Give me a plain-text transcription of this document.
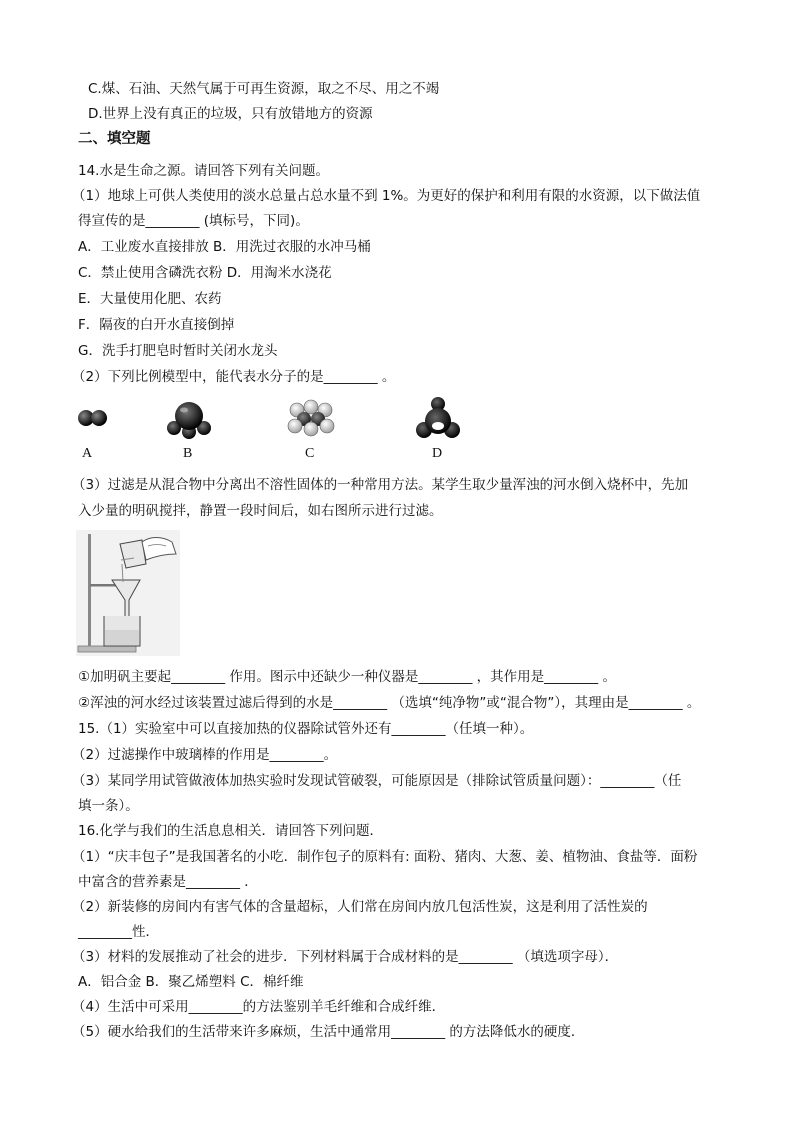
C.煤、石油、天然气属于可再生资源，取之不尽、用之不竭
D.世界上没有真正的垃圾，只有放错地方的资源
二、填空题
14.水是生命之源。请回答下列有关问题。
（1）地球上可供人类使用的淡水总量占总水量不到 1%。为更好的保护和利用有限的水资源，以下做法值
得宣传的是________ (填标号，下同)。
A．工业废水直接排放 B．用洗过衣服的水冲马桶
C．禁止使用含磷洗衣粉 D．用淘米水浇花
E．大量使用化肥、农药
F．隔夜的白开水直接倒掉
G．洗手打肥皂时暂时关闭水龙头
（2）下列比例模型中，能代表水分子的是________ 。
A	B	C	D
（3）过滤是从混合物中分离出不溶性固体的一种常用方法。某学生取少量浑浊的河水倒入烧杯中，先加
入少量的明矾搅拌，静置一段时间后，如右图所示进行过滤。
①加明矾主要起________ 作用。图示中还缺少一种仪器是________ ，其作用是________ 。
②浑浊的河水经过该装置过滤后得到的水是________ （选填“纯净物”或“混合物”），其理由是________ 。
15.（1）实验室中可以直接加热的仪器除试管外还有________（任填一种）。
（2）过滤操作中玻璃棒的作用是________。
（3）某同学用试管做液体加热实验时发现试管破裂，可能原因是（排除试管质量问题）：________（任
填一条）。
16.化学与我们的生活息息相关．请回答下列问题．
（1）“庆丰包子”是我国著名的小吃．制作包子的原料有: 面粉、猪肉、大葱、姜、植物油、食盐等．面粉
中富含的营养素是________ ．
（2）新装修的房间内有害气体的含量超标，人们常在房间内放几包活性炭，这是利用了活性炭的
________性．
（3）材料的发展推动了社会的进步．下列材料属于合成材料的是________ （填选项字母）．
A．铝合金 B．聚乙烯塑料 C．棉纤维
（4）生活中可采用________的方法鉴别羊毛纤维和合成纤维．
（5）硬水给我们的生活带来许多麻烦，生活中通常用________ 的方法降低水的硬度．
